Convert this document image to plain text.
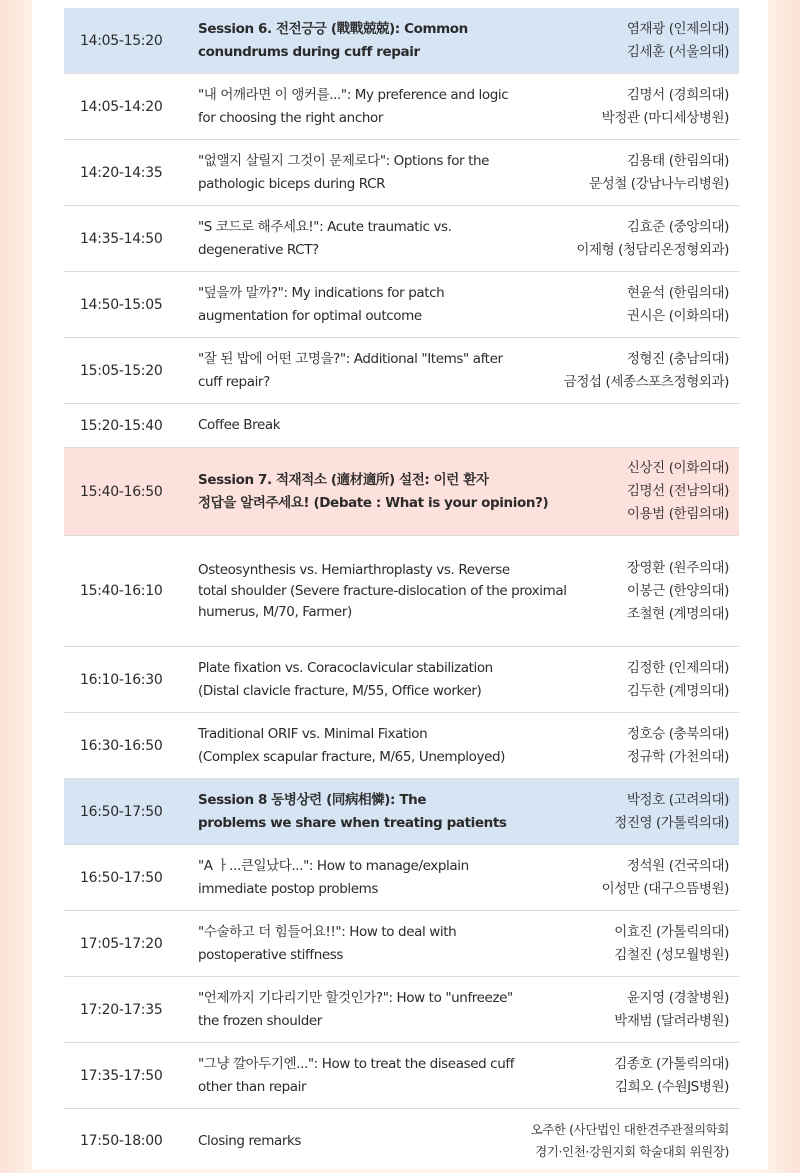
14:05-15:20
Session 6. 전전긍긍 (戰戰兢兢): Common
conundrums during cuff repair
염재광 (인제의대)
김세훈 (서울의대)
14:05-14:20
"내 어깨라면 이 앵커를...": My preference and logic
for choosing the right anchor
김명서 (경희의대)
박정관 (마디세상병원)
14:20-14:35
"없앨지 살릴지 그것이 문제로다": Options for the
pathologic biceps during RCR
김용태 (한림의대)
문성철 (강남나누리병원)
14:35-14:50
"S 코드로 해주세요!": Acute traumatic vs.
degenerative RCT?
김효준 (중앙의대)
이제형 (청담리온정형외과)
14:50-15:05
"덮을까 말까?": My indications for patch
augmentation for optimal outcome
현윤석 (한림의대)
권시은 (이화의대)
15:05-15:20
"잘 된 밥에 어떤 고명을?": Additional "Items" after
cuff repair?
정형진 (충남의대)
금정섭 (세종스포츠정형외과)
15:20-15:40	Coffee Break
15:40-16:50
Session 7. 적재적소 (適材適所) 설전: 이런 환자
정답을 알려주세요! (Debate : What is your opinion?)
신상진 (이화의대)
김명선 (전남의대)
이용범 (한림의대)
15:40-16:10
Osteosynthesis vs. Hemiarthroplasty vs. Reverse
total shoulder (Severe fracture-dislocation of the proximal
humerus, M/70, Farmer)
장영환 (원주의대)
이봉근 (한양의대)
조철현 (계명의대)
16:10-16:30
Plate fixation vs. Coracoclavicular stabilization
(Distal clavicle fracture, M/55, Office worker)
김정한 (인제의대)
김두한 (계명의대)
16:30-16:50
Traditional ORIF vs. Minimal Fixation
(Complex scapular fracture, M/65, Unemployed)
정호승 (충북의대)
정규학 (가천의대)
16:50-17:50
Session 8 동병상련 (同病相憐): The
problems we share when treating patients
박정호 (고려의대)
정진영 (가톨릭의대)
16:50-17:50
"A ㅏ...큰일났다...": How to manage/explain
immediate postop problems
정석원 (건국의대)
이성만 (대구으뜸병원)
17:05-17:20
"수술하고 더 힘들어요!!": How to deal with
postoperative stiffness
이효진 (가톨릭의대)
김철진 (성모월병원)
17:20-17:35
"언제까지 기다리기만 할것인가?": How to "unfreeze"
the frozen shoulder
윤지영 (경찰병원)
박재범 (달려라병원)
17:35-17:50
"그냥 깔아두기엔...": How to treat the diseased cuff
other than repair
김종호 (가톨릭의대)
김희오 (수원JS병원)
17:50-18:00	Closing remarks
오주한 (사단법인 대한견주관절의학회
경기·인천·강원지회 학술대회 위원장)
